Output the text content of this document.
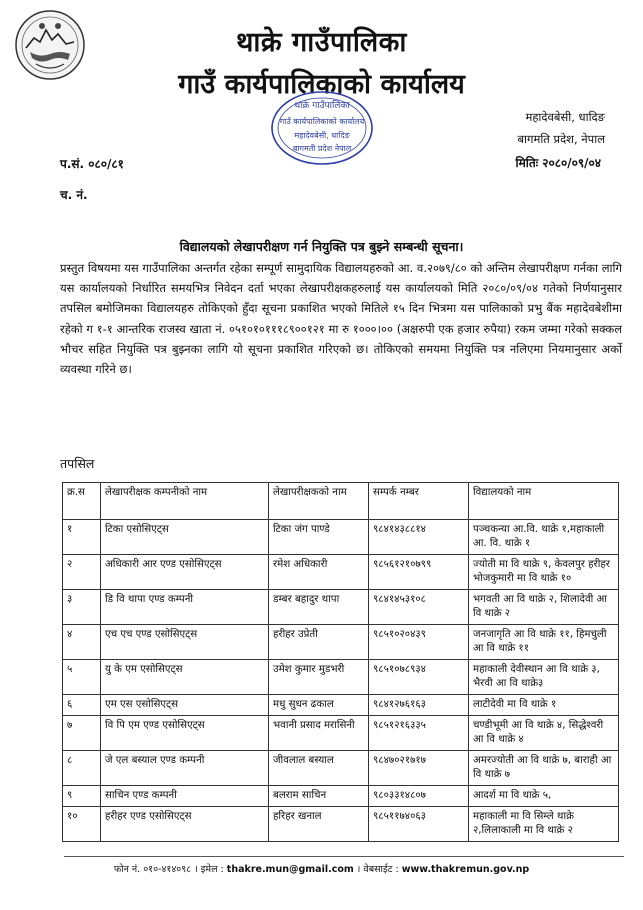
थाक्रे गाउँपालिका
गाउँ कार्यपालिकाको कार्यालय
थाक्रे गाउँपालिका
गाउँ कार्यपालिकाको कार्यालय
महादेवबेसी, धादिङ
बागमती प्रदेश नेपाल
महादेवबेसी, धादिङ
बागमति प्रदेश, नेपाल
प.सं. ०८०/८१	मितिः २०८०/०९/०४
च. नं.
विद्यालयको लेखापरीक्षण गर्न नियुक्ति पत्र बुझ्ने सम्बन्धी सूचना।
प्रस्तुत विषयमा यस गाउँपालिका अन्तर्गत रहेका सम्पूर्ण सामुदायिक विद्यालयहरुको आ. व.२०७९/८० को अन्तिम लेखापरीक्षण गर्नका लागि यस कार्यालयको निर्धारित समयभित्र निवेदन दर्ता भएका लेखापरीक्षकहरुलाई यस कार्यालयको मिति २०८०/०९/०४ गतेको निर्णयानुसार तपसिल बमोजिमका विद्यालयहरु तोकिएको हुँदा सूचना प्रकाशित भएको मितिले १५ दिन भित्रमा यस पालिकाको प्रभु बैंक महादेवबेशीमा रहेको ग १-१ आन्तरिक राजस्व खाता नं. ०५१०१०१११८९००१२१ मा रु १०००।०० (अक्षरुपी एक हजार रुपैया) रकम जम्मा गरेको सक्कल भौचर सहित नियुक्ति पत्र बुझ्नका लागि यो सूचना प्रकाशित गरिएको छ। तोकिएको समयमा नियुक्ति पत्र नलिएमा नियमानुसार अर्को व्यवस्था गरिने छ।
तपसिल
क्र.स	लेखापरीक्षक कम्पनीको नाम	लेखापरीक्षकको नाम	सम्पर्क नम्बर	विद्यालयको नाम
१	टिका एसोसिएट्स	टिका जंग पाण्डे	९८४१४३८८१४	पञ्चकन्या आ.वि. थाक्रे १,महाकाली आ. वि. थाक्रे १
२	अधिकारी आर एण्ड एसोसिएट्स	रमेश अधिकारी	९८५६१२१०७९९	ज्योती मा वि थाक्रे ९, केवलपुर हरीहर भोजकुमारी मा वि थाक्रे १०
३	डि वि थापा एण्ड कम्पनी	डम्बर बहादुर थापा	९८४१४५३१०८	भगवती आ वि थाक्रे २, शिलादेवी आ वि थाक्रे २
४	एच एच एण्ड एसोसिएट्स	हरीहर उप्रेती	९८५१०२०४३९	जनजागृति आ वि थाक्रे ११, हिमचुली आ वि थाक्रे ११
५	यु के एम एसोसिएट्स	उमेश कुमार मुडभरी	९८५१०७८९३४	महाकाली देवीस्थान आ वि थाक्रे ३, भैरवी आ वि थाक्रे३
६	एम एस एसोसिएट्स	मधु सुधन ढकाल	९८४१२७६१६३	लाटीदेवी मा वि थाक्रे १
७	वि पि एम एण्ड एसोसिएट्स	भवानी प्रसाद मरासिनी	९८५१२१६३३५	चण्डीभूमी आ वि थाक्रे ४, सिद्धेश्वरी आ वि थाक्रे ४
८	जे एल बस्याल एण्ड कम्पनी	जीवलाल बस्याल	९८४७०२१७१७	अमरज्योती आ वि थाक्रे ७, बाराही आ वि थाक्रे ७
९	साचिन एण्ड कम्पनी	बलराम साचिन	९८०३३१४८०७	आदर्श मा वि थाक्रे ५,
१०	हरीहर एण्ड एसोसिएट्स	हरिहर खनाल	९८५११७४०६३	महाकाली मा वि सिम्ले थाक्रे २,लिलाकाली मा वि थाक्रे २
फोन नं. ०१०-४१४०९८ । इमेल : thakre.mun@gmail.com । वेबसाईट : www.thakremun.gov.np
